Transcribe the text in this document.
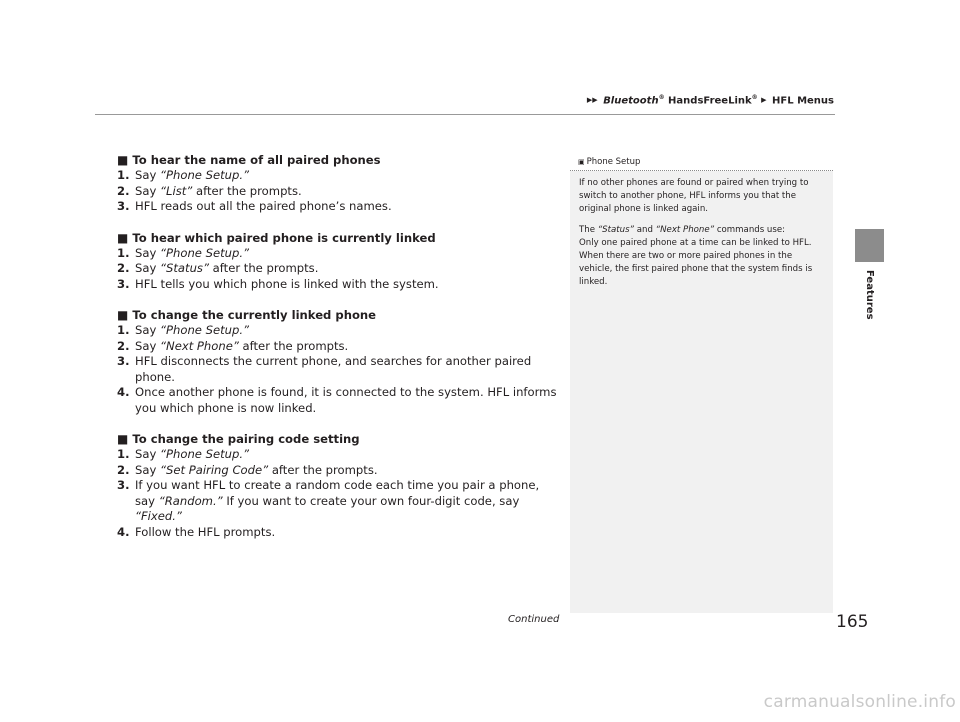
▶▶ Bluetooth® HandsFreeLink® ▶ HFL Menus
■ To hear the name of all paired phones
1. Say “Phone Setup.”
2. Say “List” after the prompts.
3. HFL reads out all the paired phone’s names.
■ To hear which paired phone is currently linked
1. Say “Phone Setup.”
2. Say “Status” after the prompts.
3. HFL tells you which phone is linked with the system.
■ To change the currently linked phone
1. Say “Phone Setup.”
2. Say “Next Phone” after the prompts.
3. HFL disconnects the current phone, and searches for another paired phone.
4. Once another phone is found, it is connected to the system. HFL informs you which phone is now linked.
■ To change the pairing code setting
1. Say “Phone Setup.”
2. Say “Set Pairing Code” after the prompts.
3. If you want HFL to create a random code each time you pair a phone, say “Random.” If you want to create your own four-digit code, say “Fixed.”
4. Follow the HFL prompts.
▣ Phone Setup

If no other phones are found or paired when trying to switch to another phone, HFL informs you that the original phone is linked again.

The “Status” and “Next Phone” commands use:
Only one paired phone at a time can be linked to HFL. When there are two or more paired phones in the vehicle, the first paired phone that the system finds is linked.	Features
Continued	165
carmanualsonline.info
